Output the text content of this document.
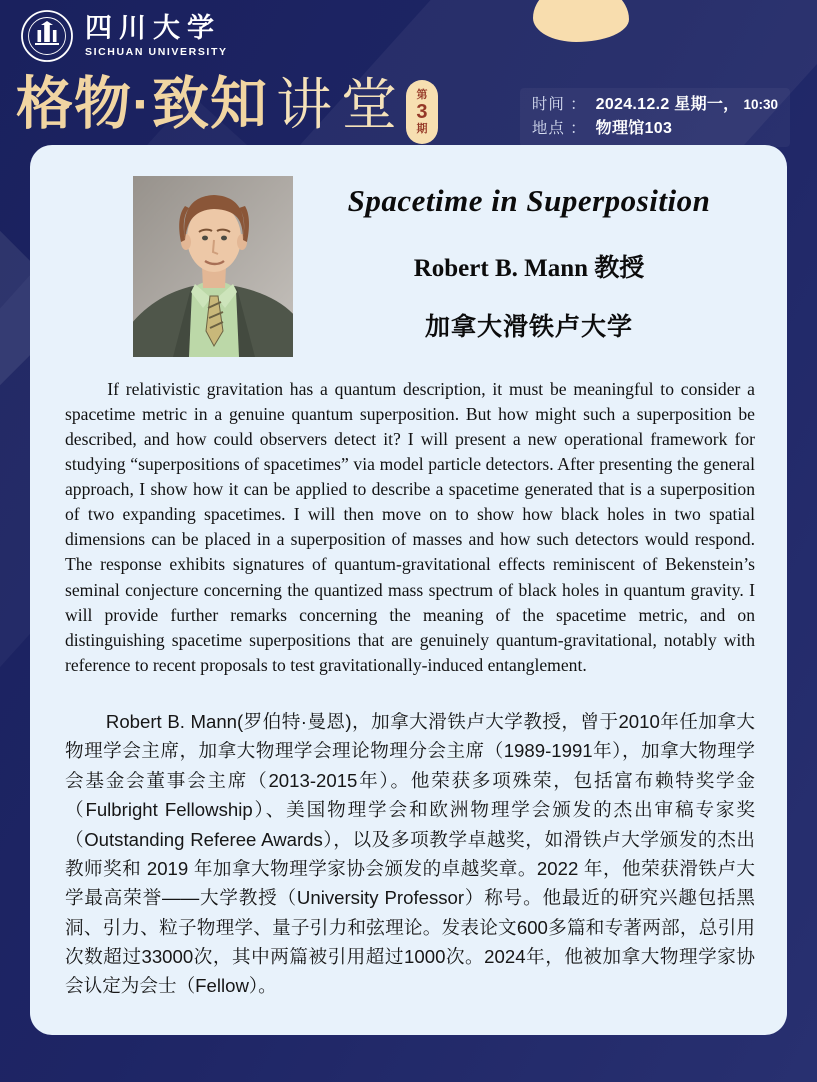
四川大学
SICHUAN UNIVERSITY
格物·致知 讲堂 第
3
期
时间 ： 2024.12.2 星期一， 10:30
地点 ： 物理馆103
Spacetime in Superposition
Robert B. Mann 教授
加拿大滑铁卢大学

If relativistic gravitation has a quantum description, it must be meaningful to consider a spacetime metric in a genuine quantum superposition. But how might such a superposition be described, and how could observers detect it? I will present a new operational framework for studying “superpositions of spacetimes” via model particle detectors. After presenting the general approach, I show how it can be applied to describe a spacetime generated that is a superposition of two expanding spacetimes. I will then move on to show how black holes in two spatial dimensions can be placed in a superposition of masses and how such detectors would respond. The response exhibits signatures of quantum-gravitational effects reminiscent of Bekenstein’s seminal conjecture concerning the quantized mass spectrum of black holes in quantum gravity. I will provide further remarks concerning the meaning of the spacetime metric, and on distinguishing spacetime superpositions that are genuinely quantum-gravitational, notably with reference to recent proposals to test gravitationally-induced entanglement.

Robert B. Mann(罗伯特·曼恩)，加拿大滑铁卢大学教授，曾于2010年任加拿大物理学会主席，加拿大物理学会理论物理分会主席（1989-1991年），加拿大物理学会基金会董事会主席（2013-2015年）。他荣获多项殊荣，包括富布赖特奖学金（Fulbright Fellowship）、美国物理学会和欧洲物理学会颁发的杰出审稿专家奖（Outstanding Referee Awards），以及多项教学卓越奖，如滑铁卢大学颁发的杰出教师奖和 2019 年加拿大物理学家协会颁发的卓越奖章。2022 年，他荣获滑铁卢大学最高荣誉——大学教授（University Professor）称号。他最近的研究兴趣包括黑洞、引力、粒子物理学、量子引力和弦理论。发表论文600多篇和专著两部，总引用次数超过33000次，其中两篇被引用超过1000次。2024年，他被加拿大物理学家协会认定为会士（Fellow）。
